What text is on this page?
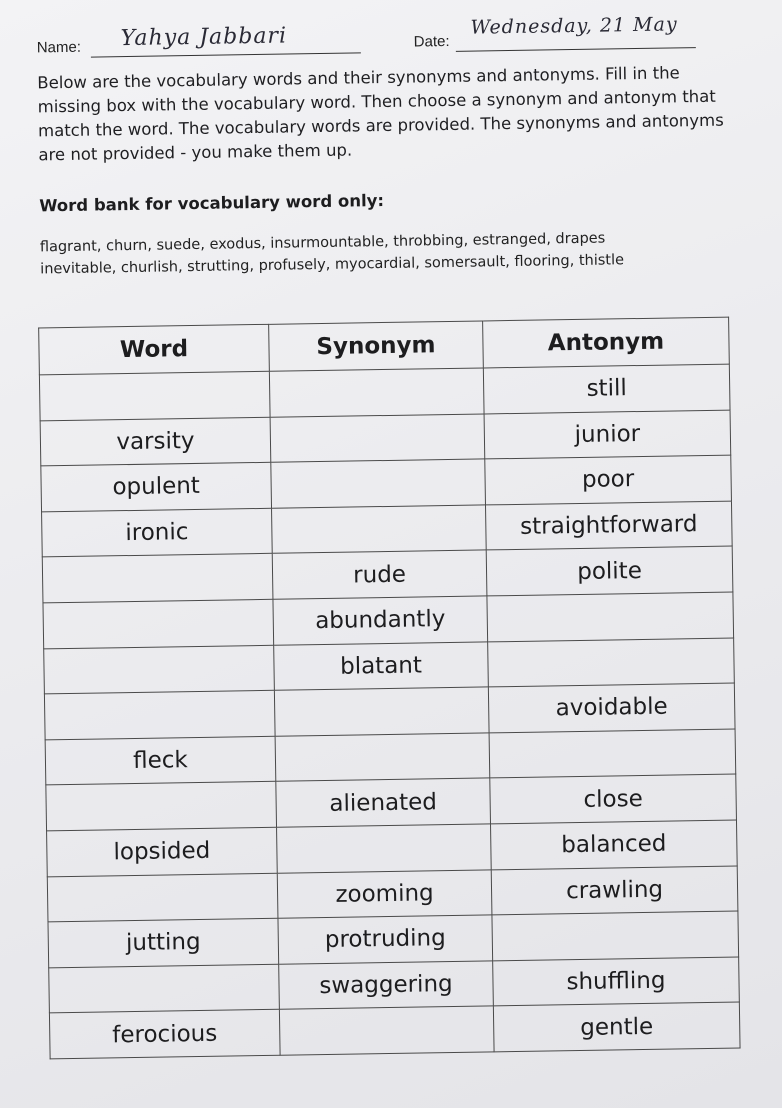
Name: Yahya Jabbari	Date:
Wednesday, 21 May
Below are the vocabulary words and their synonyms and antonyms. Fill in the missing box with the vocabulary word. Then choose a synonym and antonym that match the word. The vocabulary words are provided. The synonyms and antonyms are not provided - you make them up.
Word bank for vocabulary word only:
flagrant, churn, suede, exodus, insurmountable, throbbing, estranged, drapes
inevitable, churlish, strutting, profusely, myocardial, somersault, flooring, thistle
Word	Synonym	Antonym
		still
varsity		junior
opulent		poor
ironic		straightforward
	rude	polite
	abundantly	
	blatant	
		avoidable
fleck		
	alienated	close
lopsided		balanced
	zooming	crawling
jutting	protruding	
	swaggering	shuffling
ferocious		gentle
